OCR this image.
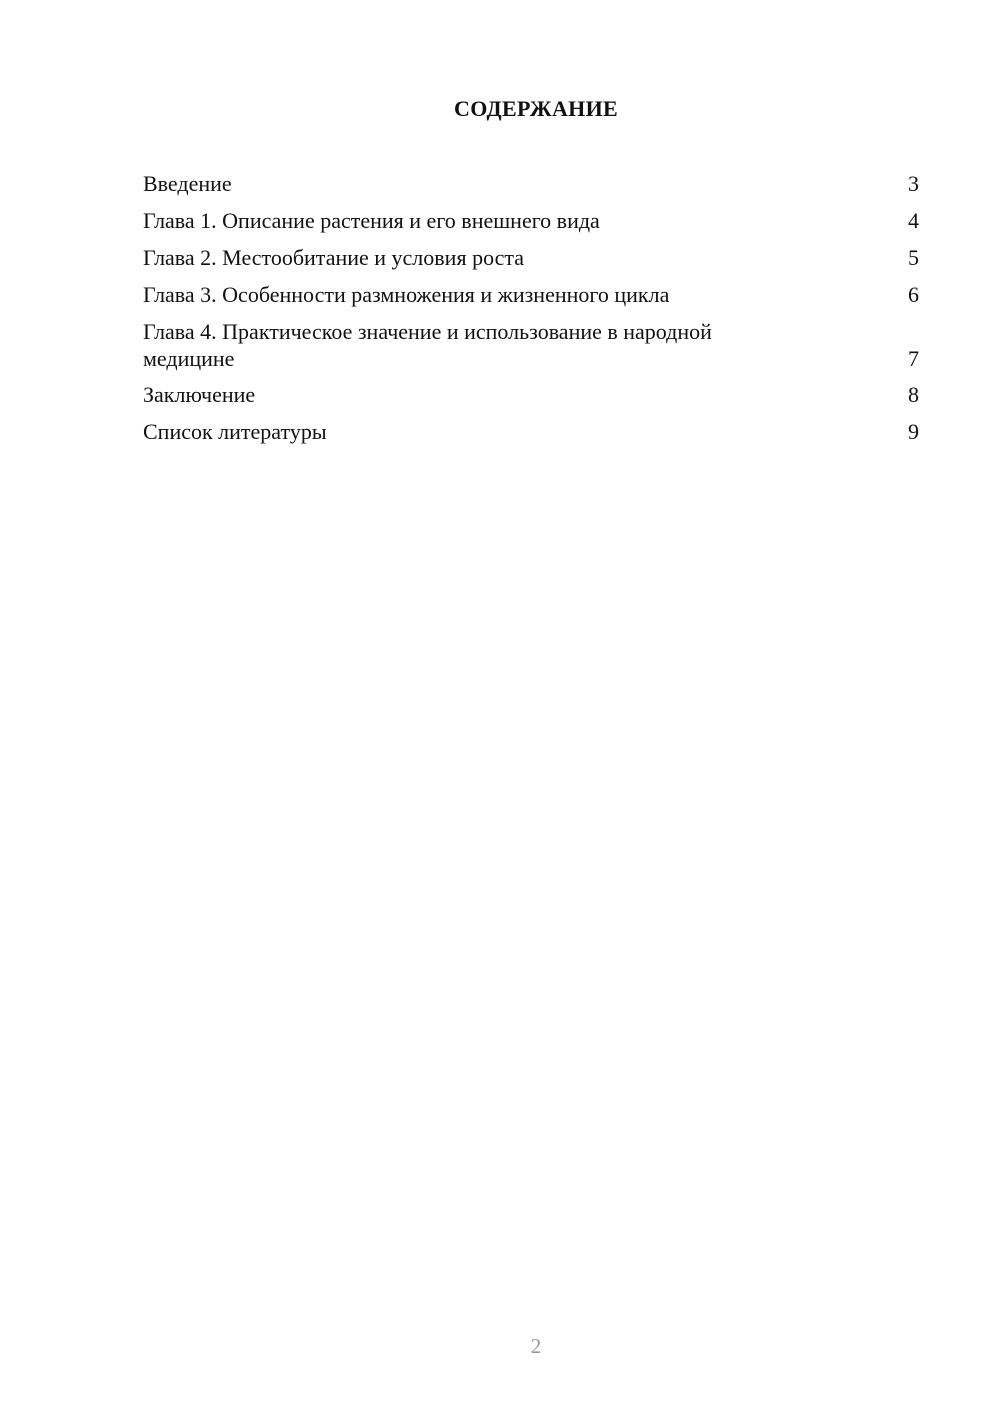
СОДЕРЖАНИЕ
Введение	3
Глава 1. Описание растения и его внешнего вида	4
Глава 2. Местообитание и условия роста	5
Глава 3. Особенности размножения и жизненного цикла	6
Глава 4. Практическое значение и использование в народной медицине	7
Заключение	8
Список литературы	9
2
